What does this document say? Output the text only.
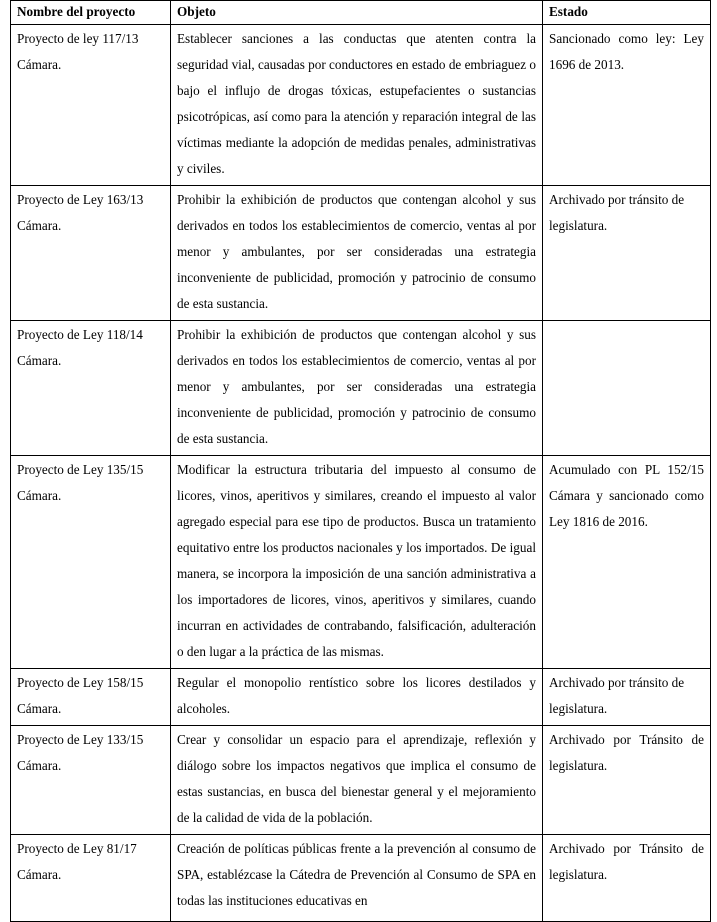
Nombre del proyecto	Objeto	Estado
Proyecto de ley 117/13 Cámara.	Establecer sanciones a las conductas que atenten contra la seguridad vial, causadas por conductores en estado de embriaguez o bajo el influjo de drogas tóxicas, estupefacientes o sustancias psicotrópicas, así como para la atención y reparación integral de las víctimas mediante la adopción de medidas penales, administrativas y civiles.	Sancionado como ley: Ley 1696 de 2013.
Proyecto de Ley 163/13 Cámara.	Prohibir la exhibición de productos que contengan alcohol y sus derivados en todos los establecimientos de comercio, ventas al por menor y ambulantes, por ser consideradas una estrategia inconveniente de publicidad, promoción y patrocinio de consumo de esta sustancia.	Archivado por tránsito de legislatura.
Proyecto de Ley 118/14 Cámara.	Prohibir la exhibición de productos que contengan alcohol y sus derivados en todos los establecimientos de comercio, ventas al por menor y ambulantes, por ser consideradas una estrategia inconveniente de publicidad, promoción y patrocinio de consumo de esta sustancia.	
Proyecto de Ley 135/15 Cámara.	Modificar la estructura tributaria del impuesto al consumo de licores, vinos, aperitivos y similares, creando el impuesto al valor agregado especial para ese tipo de productos. Busca un tratamiento equitativo entre los productos nacionales y los importados. De igual manera, se incorpora la imposición de una sanción administrativa a los importadores de licores, vinos, aperitivos y similares, cuando incurran en actividades de contrabando, falsificación, adulteración o den lugar a la práctica de las mismas.	Acumulado con PL 152/15 Cámara y sancionado como Ley 1816 de 2016.
Proyecto de Ley 158/15 Cámara.	Regular el monopolio rentístico sobre los licores destilados y alcoholes.	Archivado por tránsito de legislatura.
Proyecto de Ley 133/15 Cámara.	Crear y consolidar un espacio para el aprendizaje, reflexión y diálogo sobre los impactos negativos que implica el consumo de estas sustancias, en busca del bienestar general y el mejoramiento de la calidad de vida de la población.	Archivado por Tránsito de legislatura.
Proyecto de Ley 81/17 Cámara.	Creación de políticas públicas frente a la prevención al consumo de SPA, establézcase la Cátedra de Prevención al Consumo de SPA en todas las instituciones educativas en	Archivado por Tránsito de legislatura.
